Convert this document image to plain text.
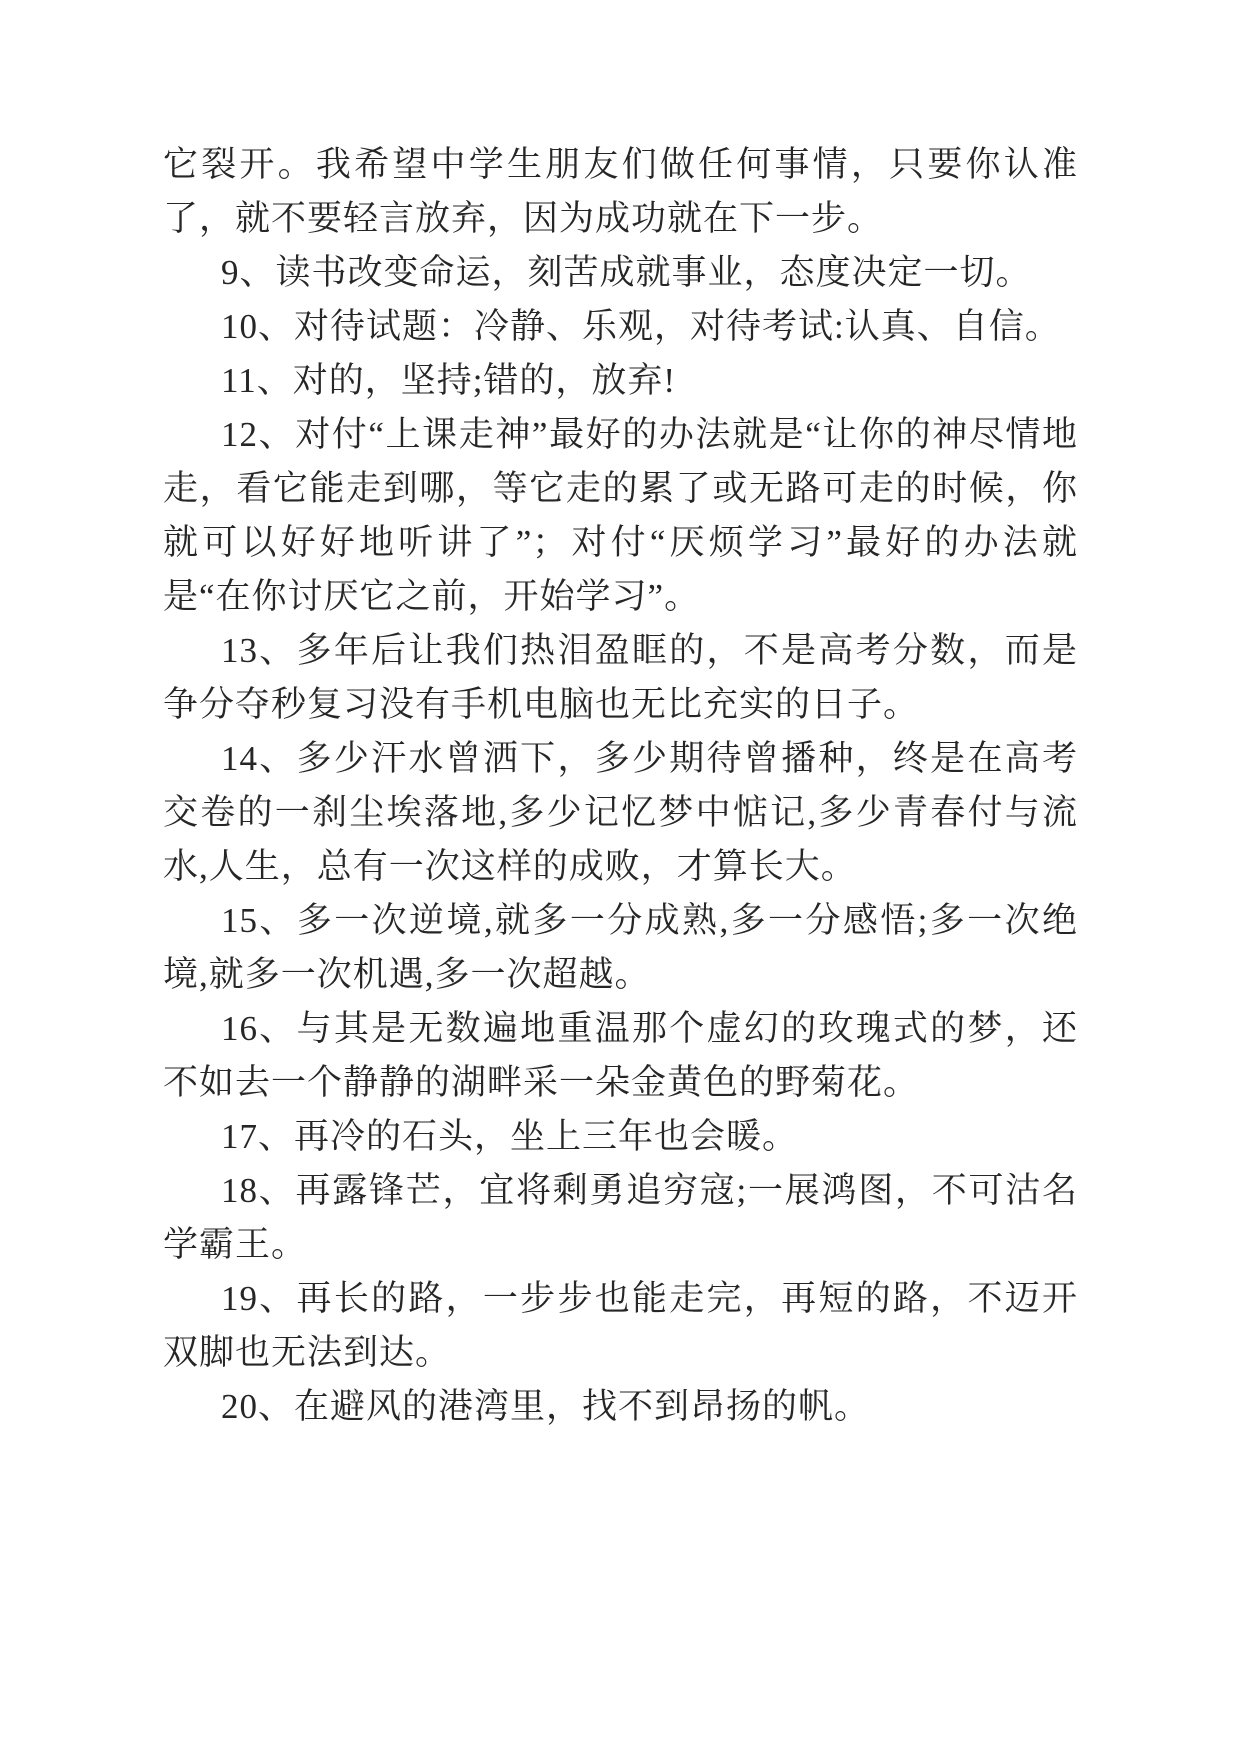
它裂开。我希望中学生朋友们做任何事情，只要你认准了，就不要轻言放弃，因为成功就在下一步。

9、读书改变命运，刻苦成就事业，态度决定一切。

10、对待试题：冷静、乐观，对待考试:认真、自信。

11、对的，坚持;错的，放弃!

12、对付“上课走神”最好的办法就是“让你的神尽情地走，看它能走到哪，等它走的累了或无路可走的时候，你就可以好好地听讲了”；对付“厌烦学习”最好的办法就是“在你讨厌它之前，开始学习”。

13、多年后让我们热泪盈眶的，不是高考分数，而是争分夺秒复习没有手机电脑也无比充实的日子。

14、多少汗水曾洒下，多少期待曾播种，终是在高考交卷的一刹尘埃落地,多少记忆梦中惦记,多少青春付与流水,人生，总有一次这样的成败，才算长大。

15、多一次逆境,就多一分成熟,多一分感悟;多一次绝境,就多一次机遇,多一次超越。

16、与其是无数遍地重温那个虚幻的玫瑰式的梦，还不如去一个静静的湖畔采一朵金黄色的野菊花。

17、再冷的石头，坐上三年也会暖。

18、再露锋芒，宜将剩勇追穷寇;一展鸿图，不可沽名学霸王。

19、再长的路，一步步也能走完，再短的路，不迈开双脚也无法到达。

20、在避风的港湾里，找不到昂扬的帆。
